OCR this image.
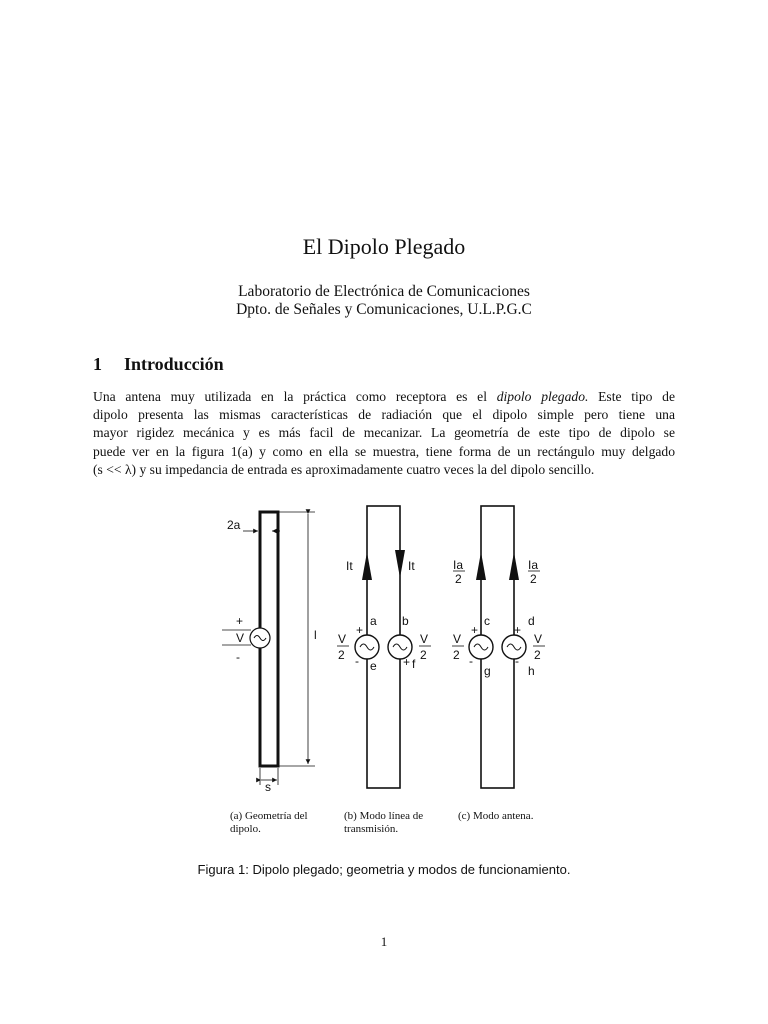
El Dipolo Plegado
Laboratorio de Electrónica de Comunicaciones
Dpto. de Señales y Comunicaciones, U.L.P.G.C
1 Introducción
Una antena muy utilizada en la práctica como receptora es el dipolo plegado. Este tipo de
dipolo presenta las mismas características de radiación que el dipolo simple pero tiene una
mayor rigidez mecánica y es más facil de mecanizar. La geometría de este tipo de dipolo se
puede ver en la figura 1(a) y como en ella se muestra, tiene forma de un rectángulo muy delgado
(s << λ) y su impedancia de entrada es aproximadamente cuatro veces la del dipolo sencillo.
l
2a
+
V
-
s
It	It
a b
+
- e + f
V
2
V
2
Ia
2
Ia
2
c	d
+	+
-	-
g	h
V
2
V
2
(a) Geometría del dipolo.
(b) Modo línea de transmisión.
(c) Modo antena.
Figura 1: Dipolo plegado; geometria y modos de funcionamiento.
1
